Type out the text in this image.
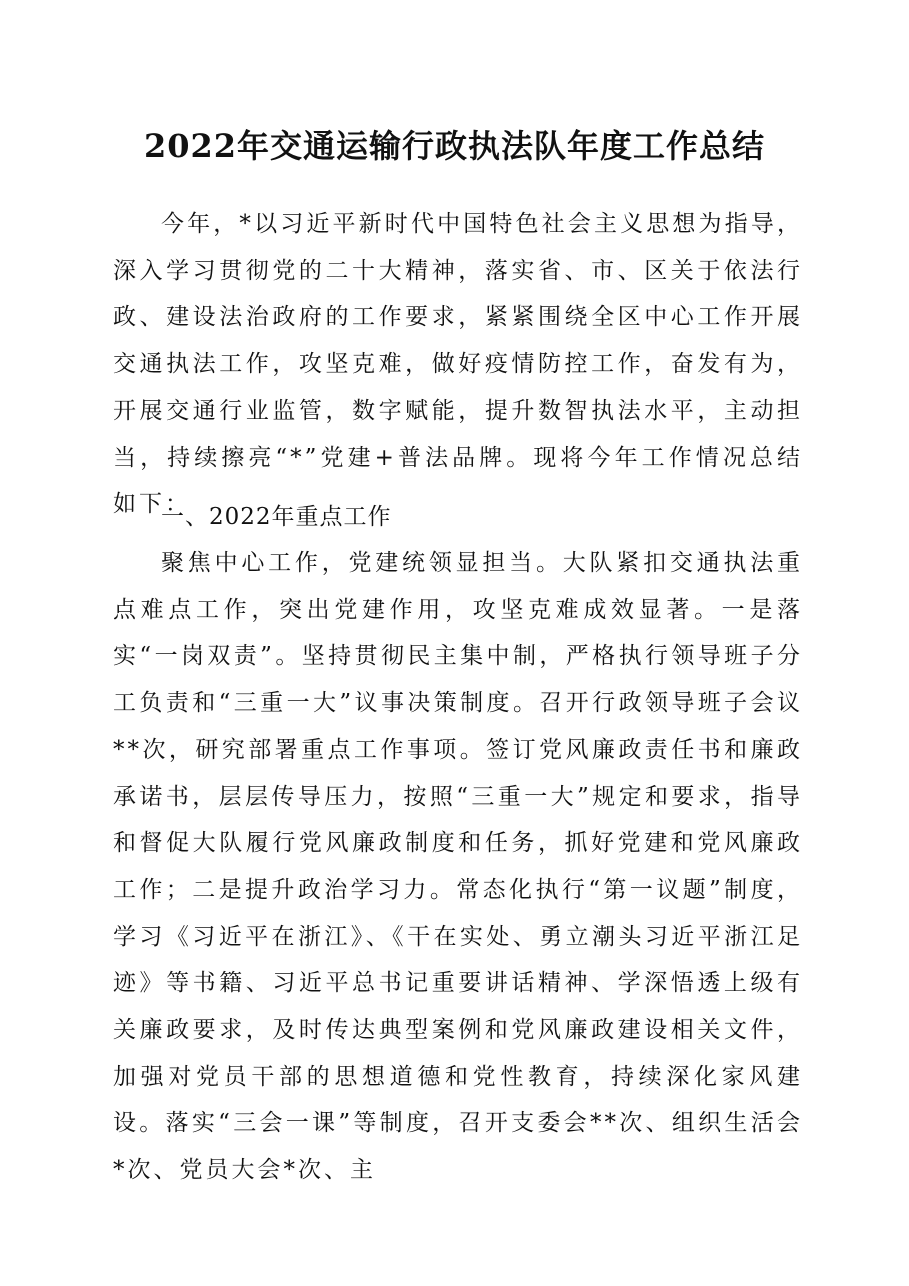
2022年交通运输行政执法队年度工作总结

今年，*以习近平新时代中国特色社会主义思想为指导，深入学习贯彻党的二十大精神，落实省、市、区关于依法行政、建设法治政府的工作要求，紧紧围绕全区中心工作开展交通执法工作，攻坚克难，做好疫情防控工作，奋发有为，开展交通行业监管，数字赋能，提升数智执法水平，主动担当，持续擦亮“*”党建+普法品牌。现将今年工作情况总结如下：

一、2022年重点工作

聚焦中心工作，党建统领显担当。大队紧扣交通执法重点难点工作，突出党建作用，攻坚克难成效显著。一是落实“一岗双责”。坚持贯彻民主集中制，严格执行领导班子分工负责和“三重一大”议事决策制度。召开行政领导班子会议**次，研究部署重点工作事项。签订党风廉政责任书和廉政承诺书，层层传导压力，按照“三重一大”规定和要求，指导和督促大队履行党风廉政制度和任务，抓好党建和党风廉政工作；二是提升政治学习力。常态化执行“第一议题”制度，学习《习近平在浙江》、《干在实处、勇立潮头习近平浙江足迹》等书籍、习近平总书记重要讲话精神、学深悟透上级有关廉政要求，及时传达典型案例和党风廉政建设相关文件，加强对党员干部的思想道德和党性教育，持续深化家风建设。落实“三会一课”等制度，召开支委会**次、组织生活会*次、党员大会*次、主
